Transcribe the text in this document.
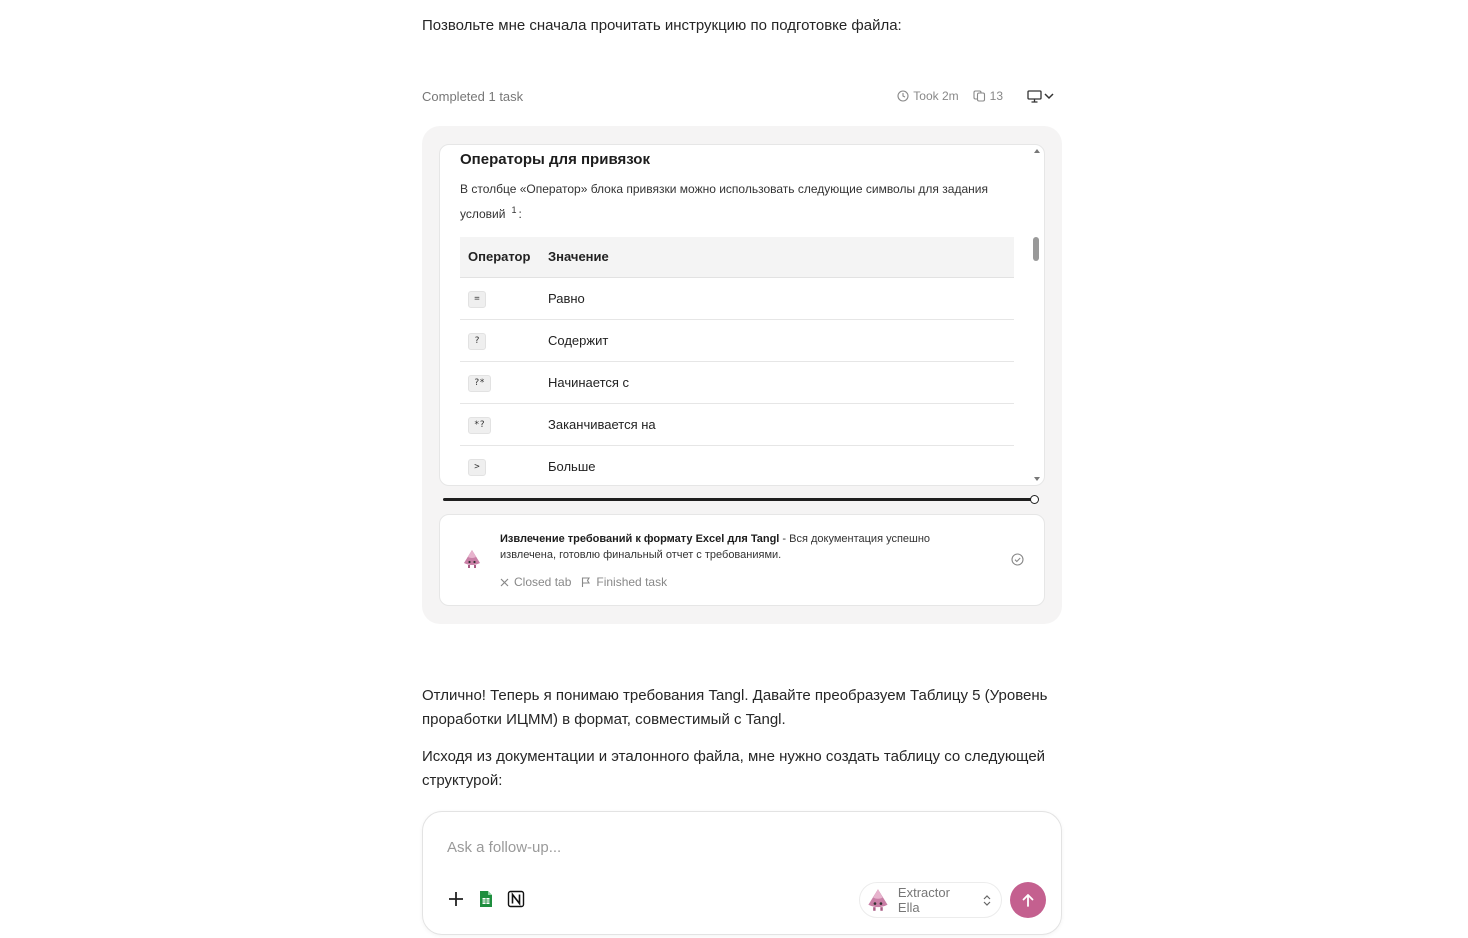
Позвольте мне сначала прочитать инструкцию по подготовке файла:

Completed 1 task	Took 2m	13
Операторы для привязок
В столбце «Оператор» блока привязки можно использовать следующие символы для задания условий $^1$ :
Оператор	Значение
=	Равно
?	Содержит
?*	Начинается с
*?	Заканчивается на
>	Больше
Извлечение требований к формату Excel для Tangl - Вся документация успешно извлечена, готовлю финальный отчет с требованиями.
Closed tab Finished task

Отлично! Теперь я понимаю требования Tangl. Давайте преобразуем Таблицу 5 (Уровень проработки ИЦММ) в формат, совместимый с Tangl.

Исходя из документации и эталонного файла, мне нужно создать таблицу со следующей структурой:

Ask a follow-up...
Extractor Ella
